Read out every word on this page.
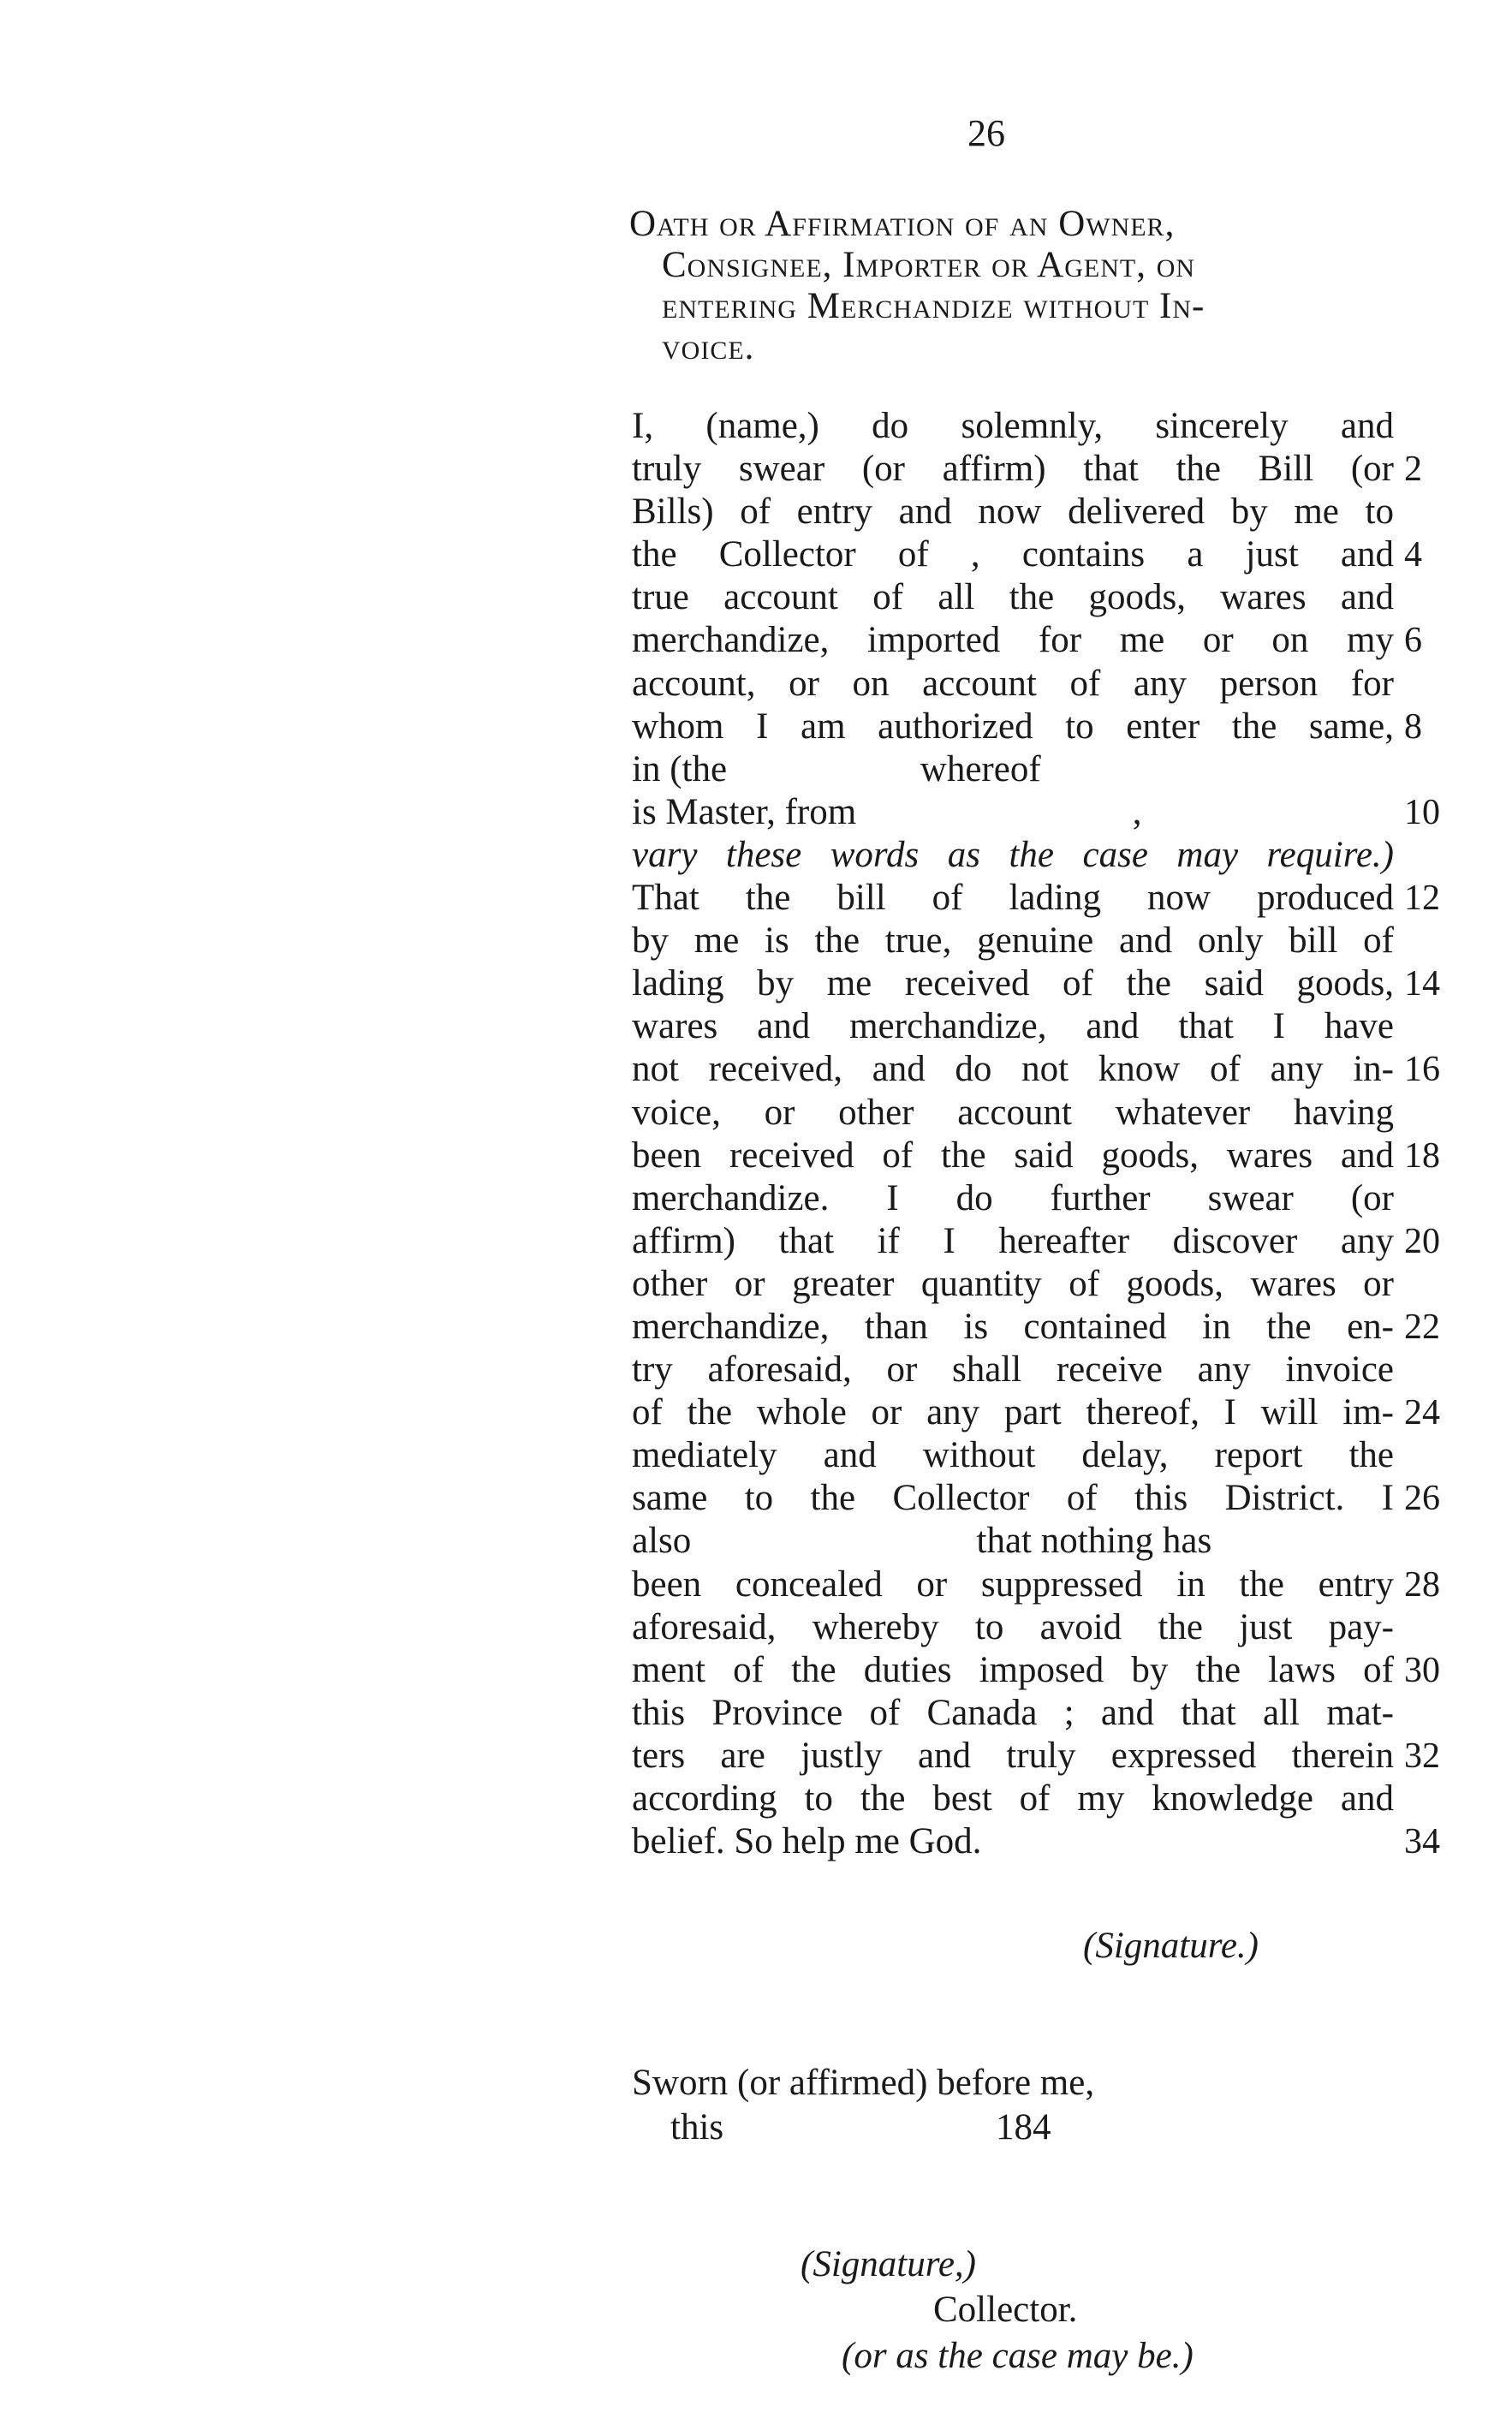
26
Oath or Affirmation of an Owner,
Consignee, Importer or Agent, on
entering Merchandize without In-
voice.
I, (name,) do solemnly, sincerely and
truly swear (or affirm) that the Bill (or 2
Bills) of entry and now delivered by me to
the Collector of , contains a just and 4
true account of all the goods, wares and
merchandize, imported for me or on my 6
account, or on account of any person for
whom I am authorized to enter the same, 8
in (the                     whereof
is Master, from                              ,	10
vary these words as the case may require.)
That the bill of lading now produced 12
by me is the true, genuine and only bill of
lading by me received of the said goods, 14
wares and merchandize, and that I have
not received, and do not know of any in- 16
voice, or other account whatever having
been received of the said goods, wares and 18
merchandize. I do further swear (or
affirm) that if I hereafter discover any 20
other or greater quantity of goods, wares or
merchandize, than is contained in the en- 22
try aforesaid, or shall receive any invoice
of the whole or any part thereof, I will im- 24
mediately and without delay, report the
same to the Collector of this District. I 26
also                               that nothing has
been concealed or suppressed in the entry 28
aforesaid, whereby to avoid the just pay-
ment of the duties imposed by the laws of 30
this Province of Canada ; and that all mat-
ters are justly and truly expressed therein 32
according to the best of my knowledge and
belief. So help me God.	34
(Signature.)
Sworn (or affirmed) before me,
this	184
(Signature,)
Collector.
(or as the case may be.)
